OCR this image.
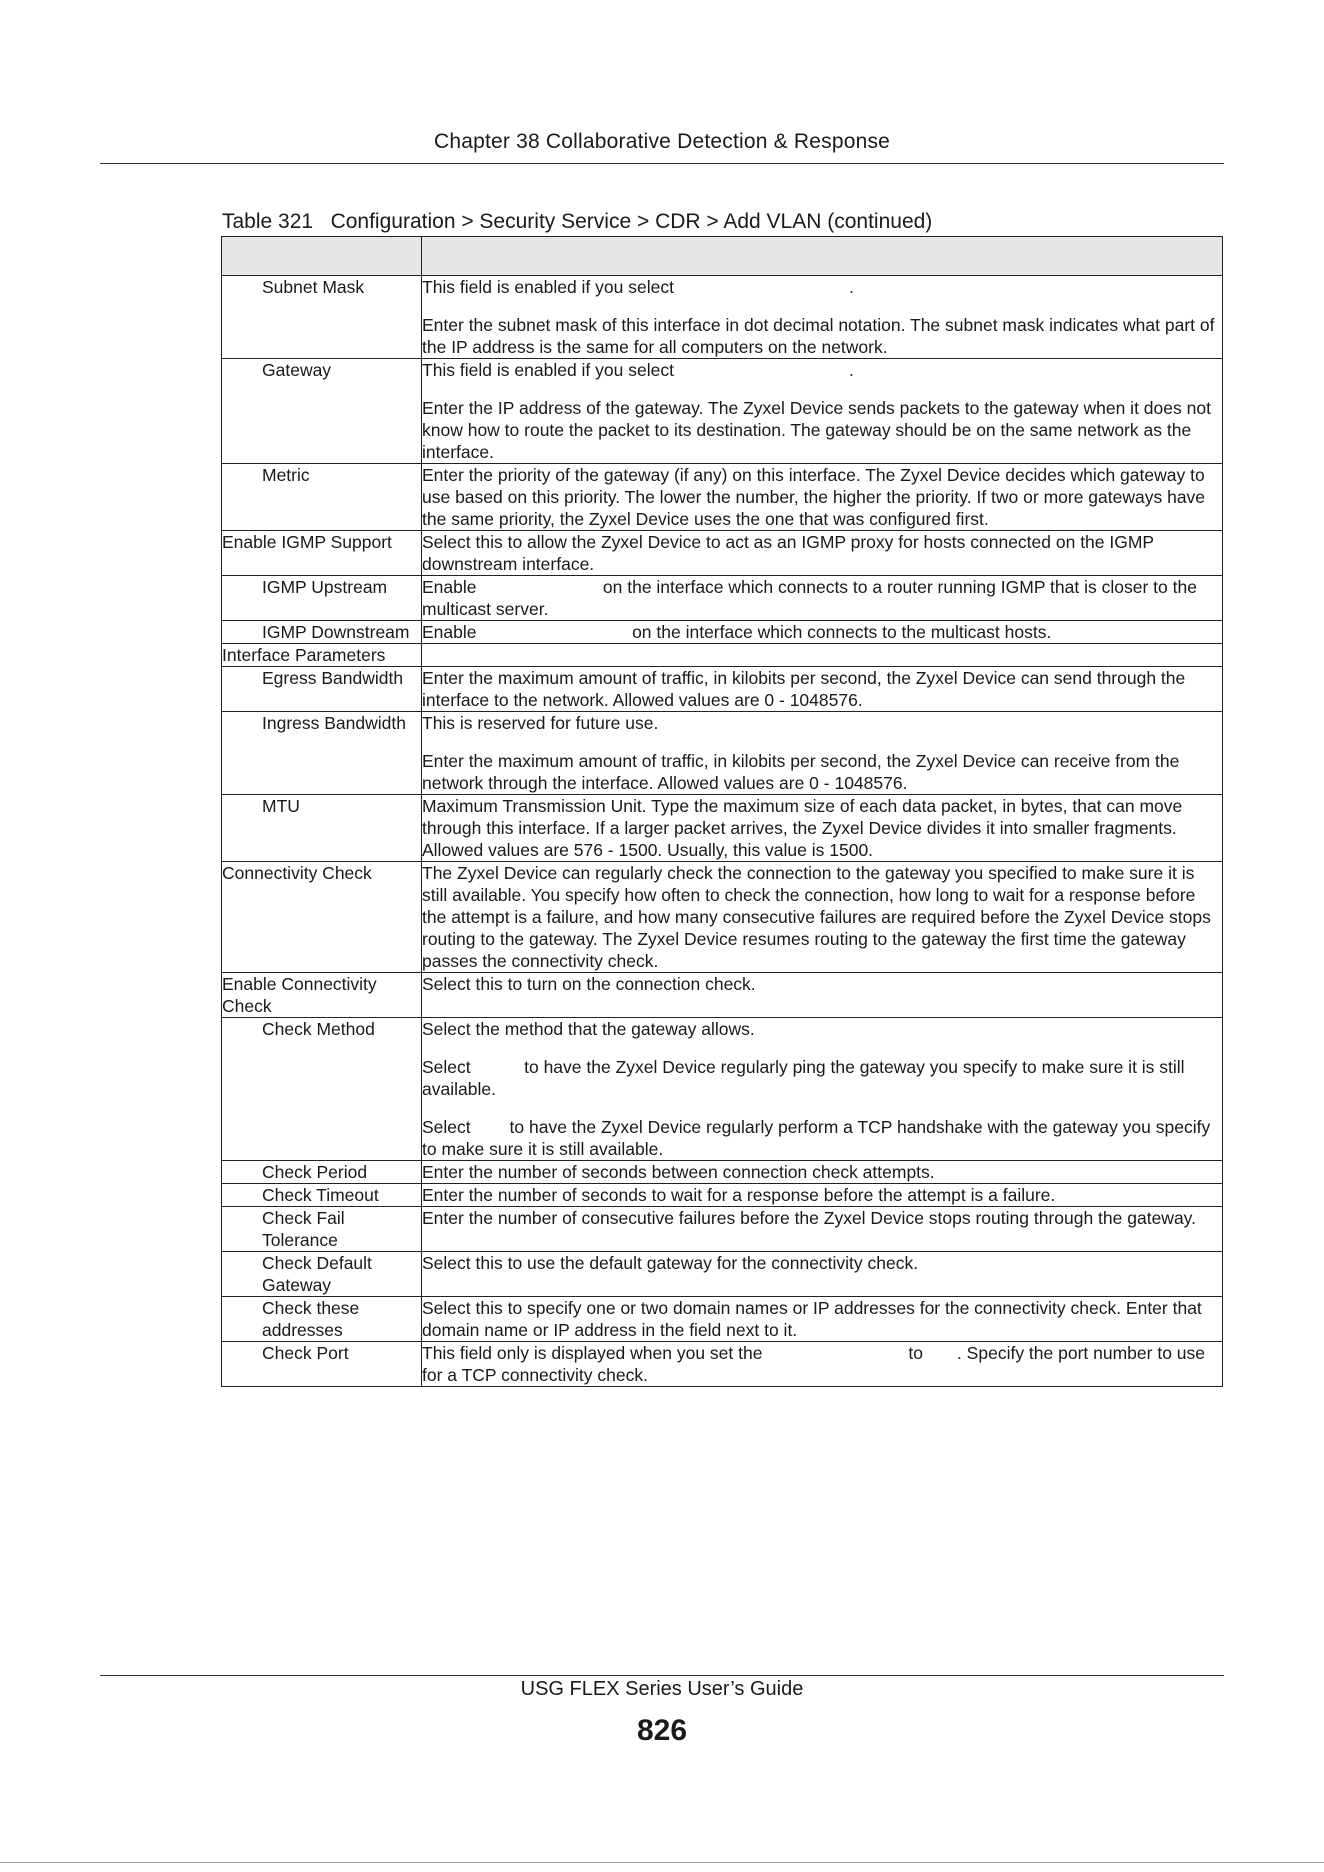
Chapter 38 Collaborative Detection & Response
Table 321   Configuration > Security Service > CDR > Add VLAN (continued)

Subnet Mask	This field is enabled if you select                                    .

Enter the subnet mask of this interface in dot decimal notation. The subnet mask indicates what part of the IP address is the same for all computers on the network.

Gateway	This field is enabled if you select                                    .

Enter the IP address of the gateway. The Zyxel Device sends packets to the gateway when it does not know how to route the packet to its destination. The gateway should be on the same network as the interface.

Metric	Enter the priority of the gateway (if any) on this interface. The Zyxel Device decides which gateway to use based on this priority. The lower the number, the higher the priority. If two or more gateways have the same priority, the Zyxel Device uses the one that was configured first.

Enable IGMP Support	Select this to allow the Zyxel Device to act as an IGMP proxy for hosts connected on the IGMP downstream interface.

IGMP Upstream	Enable                          on the interface which connects to a router running IGMP that is closer to the multicast server.

IGMP Downstream	Enable                                on the interface which connects to the multicast hosts.

Interface Parameters	

Egress Bandwidth	Enter the maximum amount of traffic, in kilobits per second, the Zyxel Device can send through the interface to the network. Allowed values are 0 - 1048576.

Ingress Bandwidth	This is reserved for future use.

Enter the maximum amount of traffic, in kilobits per second, the Zyxel Device can receive from the network through the interface. Allowed values are 0 - 1048576.

MTU	Maximum Transmission Unit. Type the maximum size of each data packet, in bytes, that can move through this interface. If a larger packet arrives, the Zyxel Device divides it into smaller fragments. Allowed values are 576 - 1500. Usually, this value is 1500.

Connectivity Check	The Zyxel Device can regularly check the connection to the gateway you specified to make sure it is still available. You specify how often to check the connection, how long to wait for a response before the attempt is a failure, and how many consecutive failures are required before the Zyxel Device stops routing to the gateway. The Zyxel Device resumes routing to the gateway the first time the gateway passes the connectivity check.

Enable Connectivity Check	Select this to turn on the connection check.

Check Method	Select the method that the gateway allows.

Select           to have the Zyxel Device regularly ping the gateway you specify to make sure it is still available.

Select        to have the Zyxel Device regularly perform a TCP handshake with the gateway you specify to make sure it is still available.

Check Period	Enter the number of seconds between connection check attempts.

Check Timeout	Enter the number of seconds to wait for a response before the attempt is a failure.

Check Fail Tolerance	Enter the number of consecutive failures before the Zyxel Device stops routing through the gateway.

Check Default Gateway	Select this to use the default gateway for the connectivity check.

Check these addresses	Select this to specify one or two domain names or IP addresses for the connectivity check. Enter that domain name or IP address in the field next to it.

Check Port	This field only is displayed when you set the                              to       . Specify the port number to use for a TCP connectivity check.

USG FLEX Series User’s Guide
826
